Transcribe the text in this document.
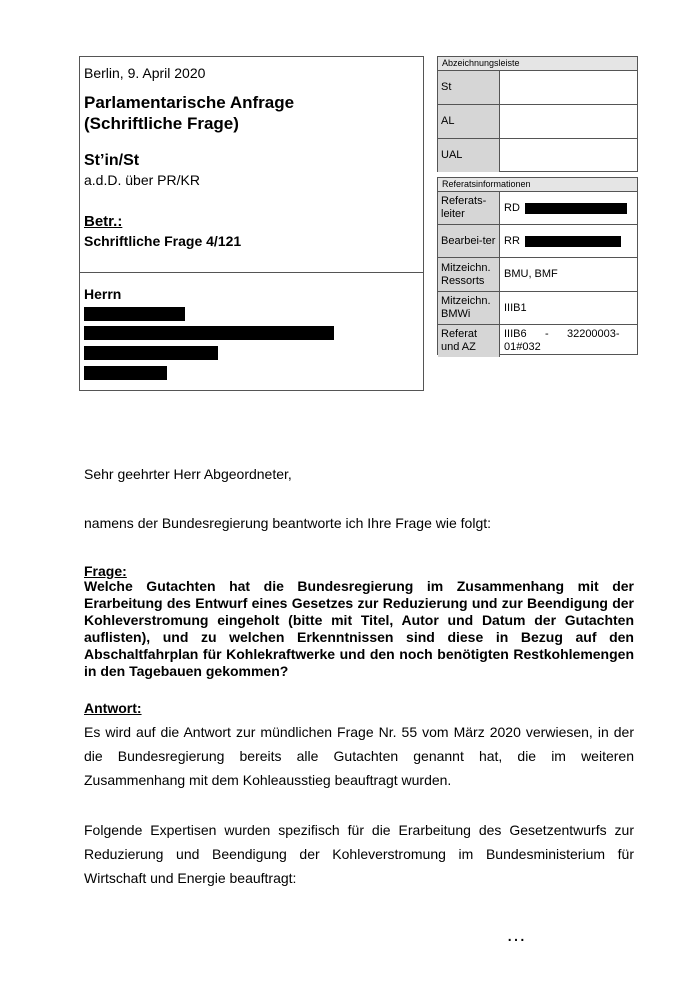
Berlin, 9. April 2020
Parlamentarische Anfrage
(Schriftliche Frage)
St’in/St
a.d.D. über PR/KR
Betr.:
Schriftliche Frage 4/121
Herrn
Abzeichnungsleiste
St
AL
UAL
Referatsinformationen
Referats-leiter
RD
Bearbei-ter RR
Mitzeichn. Ressorts
BMU, BMF
Mitzeichn. BMWi
IIIB1
Referat und AZ
IIIB6      -      32200003-
01#032
Sehr geehrter Herr Abgeordneter,
namens der Bundesregierung beantworte ich Ihre Frage wie folgt:
Frage:
Welche Gutachten hat die Bundesregierung im Zusammenhang mit der Erarbeitung des Entwurf eines Gesetzes zur Reduzierung und zur Beendigung der Kohleverstromung eingeholt (bitte mit Titel, Autor und Datum der Gutachten auflisten), und zu welchen Erkenntnissen sind diese in Bezug auf den Abschaltfahrplan für Kohlekraftwerke und den noch benötigten Restkohlemengen in den Tagebauen gekommen?
Antwort:
Es wird auf die Antwort zur mündlichen Frage Nr. 55 vom März 2020 verwiesen, in der die Bundesregierung bereits alle Gutachten genannt hat, die im weiteren Zusammenhang mit dem Kohleausstieg beauftragt wurden.
Folgende Expertisen wurden spezifisch für die Erarbeitung des Gesetzentwurfs zur Reduzierung und Beendigung der Kohleverstromung im Bundesministerium für Wirtschaft und Energie beauftragt:
…
